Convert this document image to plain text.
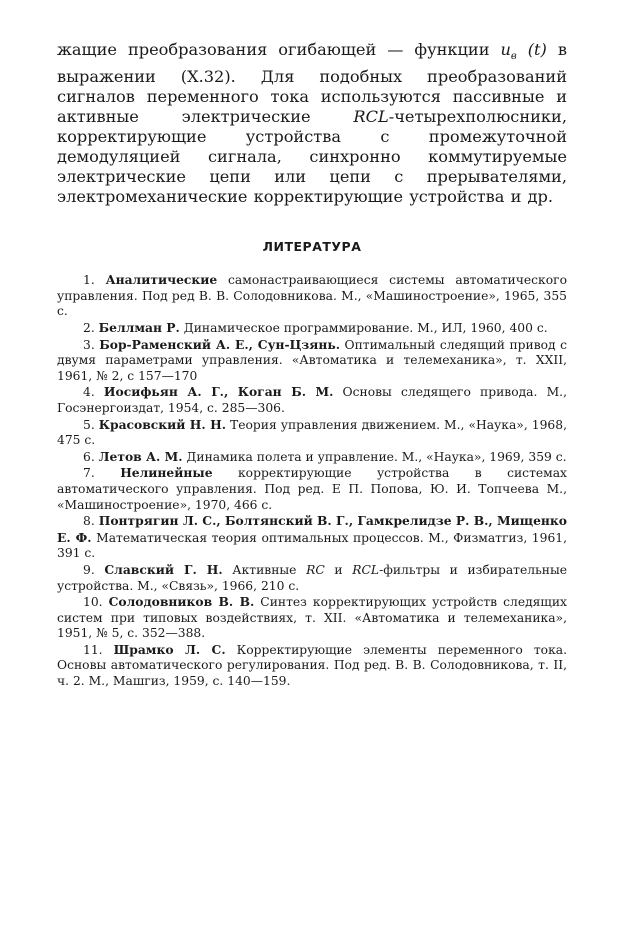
жащие преобразования огибающей — функции $u_в$ (t) в выражении (X.32). Для подобных преобразований сигналов переменного тока используются пассивные и активные электрические RCL-четырехполюсники, корректирующие устройства с промежуточной демодуляцией сигнала, синхронно коммутируемые электрические цепи или цепи с прерывателями, электромеханические корректирующие устройства и др.

ЛИТЕРАТУРА
1. Аналитические самонастраивающиеся системы автоматического управления. Под ред В. В. Солодовникова. М., «Машиностроение», 1965, 355 с.
2. Беллман Р. Динамическое программирование. М., ИЛ, 1960, 400 с.
3. Бор-Раменский А. Е., Сун-Цзянь. Оптимальный следящий привод с двумя параметрами управления. «Автоматика и телемеханика», т. XXII, 1961, № 2, с 157—170
4. Иосифьян А. Г., Коган Б. М. Основы следящего привода. М., Госэнергоиздат, 1954, с. 285—306.
5. Красовский Н. Н. Теория управления движением. М., «Наука», 1968, 475 с.
6. Летов А. М. Динамика полета и управление. М., «Наука», 1969, 359 с.
7. Нелинейные корректирующие устройства в системах автоматического управления. Под ред. Е П. Попова, Ю. И. Топчеева М., «Машиностроение», 1970, 466 с.
8. Понтрягин Л. С., Болтянский В. Г., Гамкрелидзе Р. В., Мищенко Е. Ф. Математическая теория оптимальных процессов. М., Физматгиз, 1961, 391 с.
9. Славский Г. Н. Активные RC и RCL-фильтры и избирательные устройства. М., «Связь», 1966, 210 с.
10. Солодовников В. В. Синтез корректирующих устройств следящих систем при типовых воздействиях, т. XII. «Автоматика и телемеханика», 1951, № 5, с. 352—388.
11. Шрамко Л. С. Корректирующие элементы переменного тока. Основы автоматического регулирования. Под ред. В. В. Солодовникова, т. II, ч. 2. М., Машгиз, 1959, с. 140—159.
